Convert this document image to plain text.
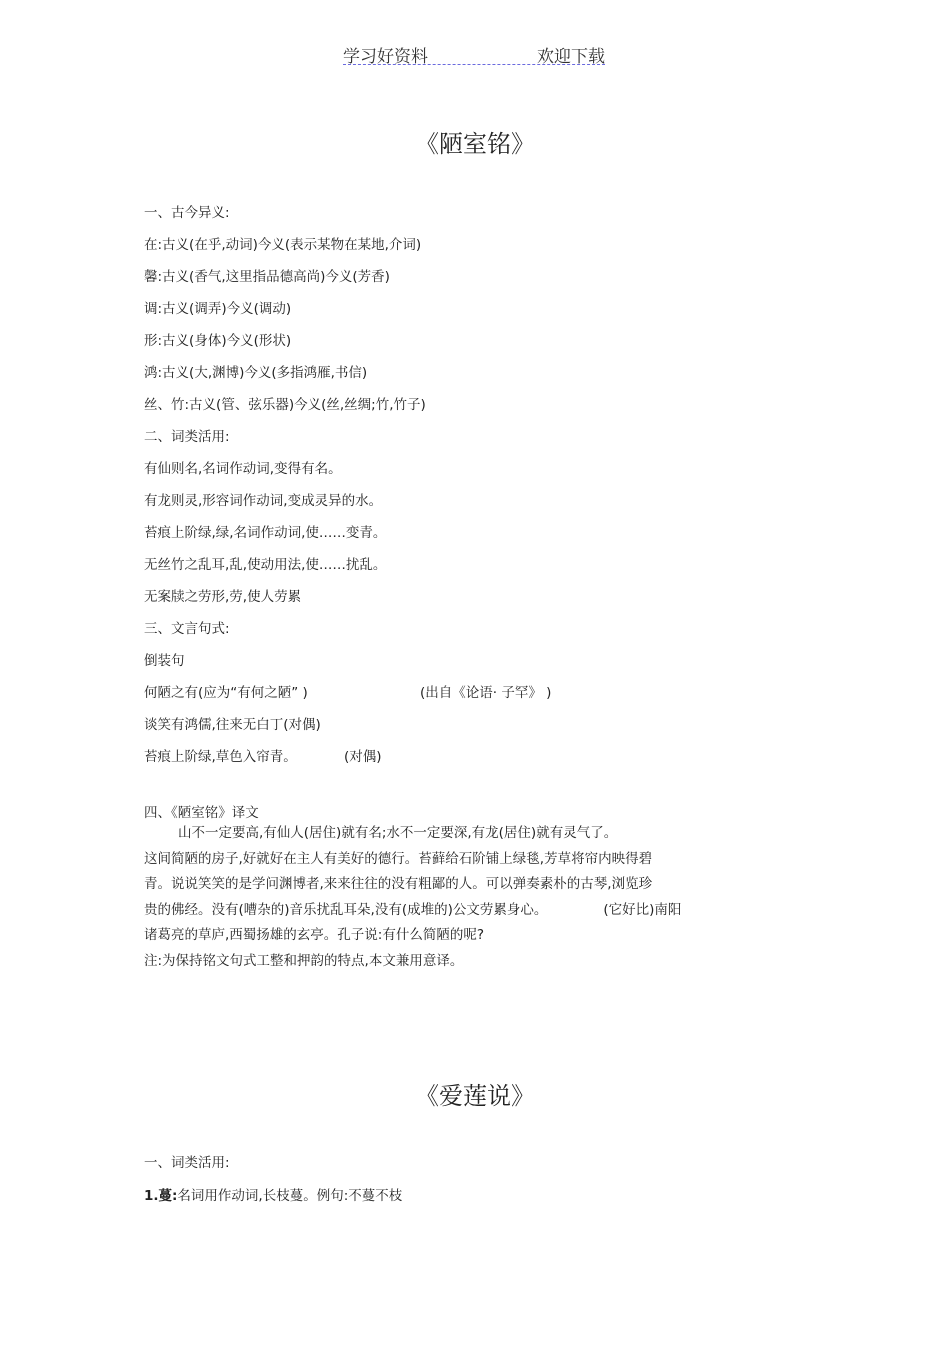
学习好资料	欢迎下载
《陋室铭》
一、古今异义:
在:古义(在乎,动词)今义(表示某物在某地,介词)
馨:古义(香气,这里指品德高尚)今义(芳香)
调:古义(调弄)今义(调动)
形:古义(身体)今义(形状)
鸿:古义(大,渊博)今义(多指鸿雁,书信)
丝、竹:古义(管、弦乐器)今义(丝,丝绸;竹,竹子)
二、词类活用:
有仙则名,名词作动词,变得有名。
有龙则灵,形容词作动词,变成灵异的水。
苔痕上阶绿,绿,名词作动词,使……变青。
无丝竹之乱耳,乱,使动用法,使……扰乱。
无案牍之劳形,劳,使人劳累
三、文言句式:
倒装句
何陋之有(应为“有何之陋” )	(出自《论语· 子罕》 )
谈笑有鸿儒,往来无白丁(对偶)
苔痕上阶绿,草色入帘青。	(对偶)
四、《陋室铭》译文

山不一定要高,有仙人(居住)就有名;水不一定要深,有龙(居住)就有灵气了。

这间简陋的房子,好就好在主人有美好的德行。苔藓给石阶铺上绿毯,芳草将帘内映得碧

青。说说笑笑的是学问渊博者,来来往往的没有粗鄙的人。可以弹奏素朴的古琴,浏览珍

贵的佛经。没有(嘈杂的)音乐扰乱耳朵,没有(成堆的)公文劳累身心。	(它好比)南阳

诸葛亮的草庐,西蜀扬雄的玄亭。孔子说:有什么简陋的呢?

注:为保持铭文句式工整和押韵的特点,本文兼用意译。

《爱莲说》
一、词类活用:
1.蔓:名词用作动词,长枝蔓。例句:不蔓不枝
